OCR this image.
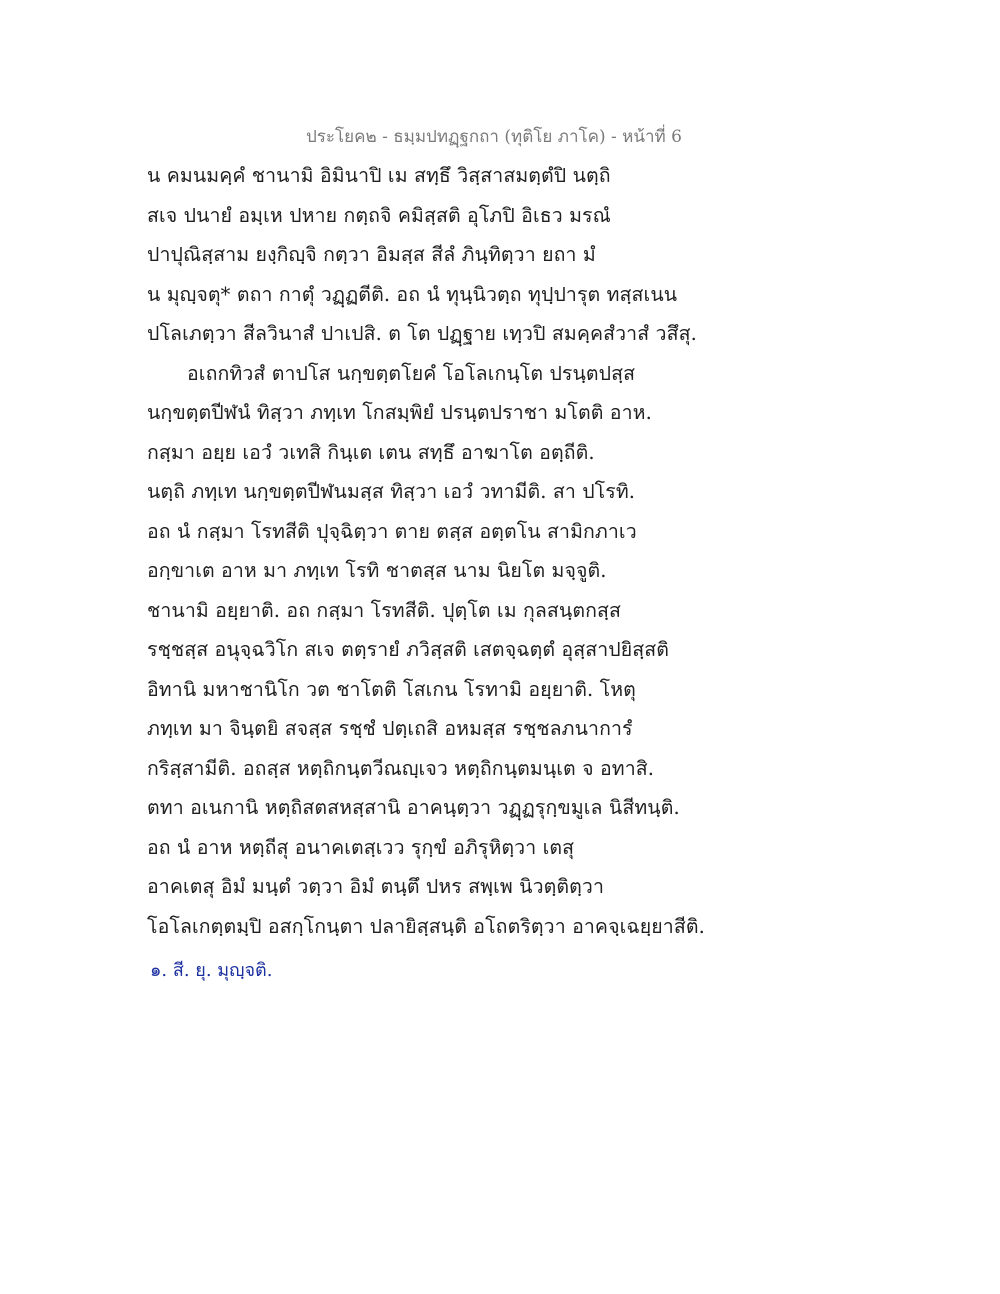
ประโยค๒ - ธมฺมปทฏฺฐกถา (ทุติโย ภาโค) - หน้าที่ 6
น คมนมคฺคํ ชานามิ อิมินาปิ เม สทฺธึ วิสฺสาสมตฺตํปิ นตฺถิ
สเจ ปนายํ อมฺเห ปหาย กตฺถจิ คมิสฺสติ อุโภปิ อิเธว มรณํ
ปาปุณิสฺสาม ยงฺกิญฺจิ กตฺวา อิมสฺส สีลํ ภินฺทิตฺวา ยถา มํ
น มุญฺจตุ* ตถา กาตุํ วฏฺฏตีติ. อถ นํ ทุนฺนิวตฺถ ทุปฺปารุต ทสฺสเนน
ปโลเภตฺวา สีลวินาสํ ปาเปสิ. ต โต ปฏฺฐาย เทฺวปิ สมคฺคสํวาสํ วสึสุ.
อเถกทิวสํ ตาปโส นกฺขตฺตโยคํ โอโลเกนฺโต ปรนฺตปสฺส
นกฺขตฺตปีฬนํ ทิสฺวา ภทฺเท โกสมฺพิยํ ปรนฺตปราชา มโตติ อาห.
กสฺมา อยฺย เอวํ วเทสิ กินฺเต เตน สทฺธึ อาฆาโต อตฺถีติ.
นตฺถิ ภทฺเท นกฺขตฺตปีฬนมสฺส ทิสฺวา เอวํ วทามีติ. สา ปโรทิ.
อถ นํ กสฺมา โรทสีติ ปุจฺฉิตฺวา ตาย ตสฺส อตฺตโน สามิกภาเว
อกฺขาเต อาห มา ภทฺเท โรทิ ชาตสฺส นาม นิยโต มจฺจูติ.
ชานามิ อยฺยาติ. อถ กสฺมา โรทสีติ. ปุตฺโต เม กุลสนฺตกสฺส
รชฺชสฺส อนุจฺฉวิโก สเจ ตตฺรายํ ภวิสฺสติ เสตจฺฉตฺตํ อุสฺสาปยิสฺสติ
อิทานิ มหาชานิโก วต ชาโตติ โสเกน โรทามิ อยฺยาติ. โหตุ
ภทฺเท มา จินฺตยิ สจสฺส รชฺชํ ปตฺเถสิ อหมสฺส รชฺชลภนาการํ
กริสฺสามีติ. อถสฺส หตฺถิกนฺตวีณญฺเจว หตฺถิกนฺตมนฺเต จ อทาสิ.
ตทา อเนกานิ หตฺถิสตสหสฺสานิ อาคนฺตฺวา วฏฺฏรุกฺขมูเล นิสีทนฺติ.
อถ นํ อาห หตฺถีสุ อนาคเตสฺเวว รุกฺขํ อภิรุหิตฺวา เตสุ
อาคเตสุ อิมํ มนฺตํ วตฺวา อิมํ ตนฺตึ ปหร สพฺเพ นิวตฺติตฺวา
โอโลเกตฺตมฺปิ อสกฺโกนฺตา ปลายิสฺสนฺติ อโถตริตฺวา อาคจฺเฉยฺยาสีติ.
๑. สี. ยุ. มุญฺจติ.
